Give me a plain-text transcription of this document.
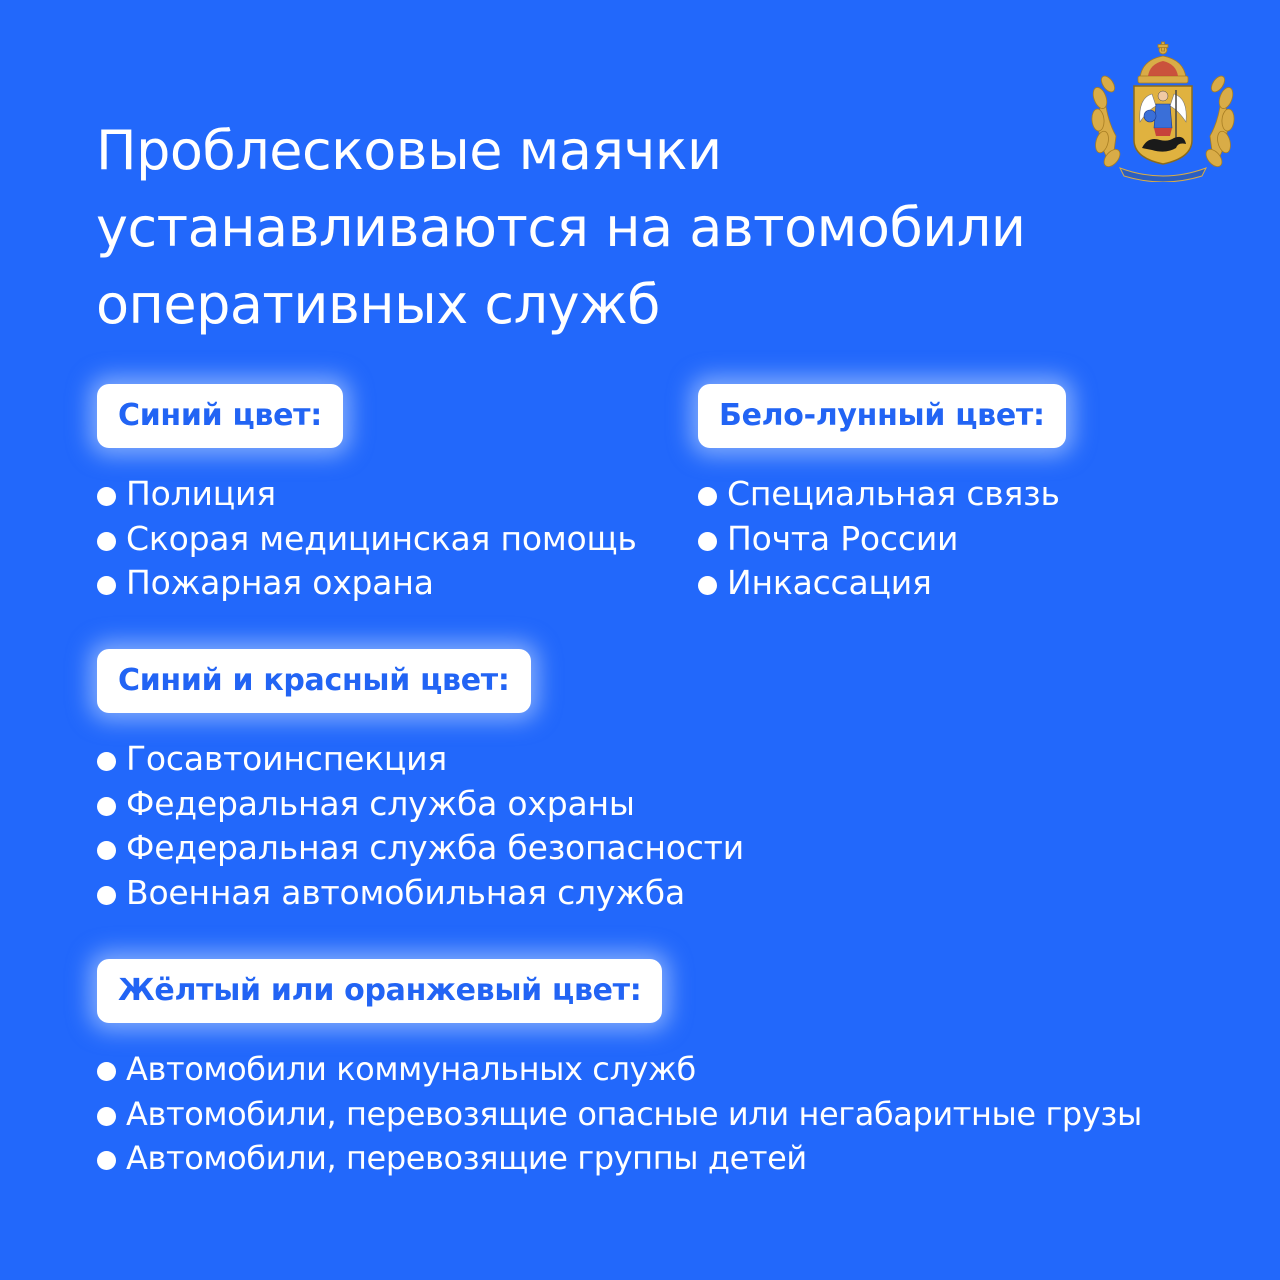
Проблесковые маячки
устанавливаются на автомобили
оперативных служб
Синий цвет:
Полиция
Скорая медицинская помощь
Пожарная охрана
Бело-лунный цвет:
Специальная связь
Почта России
Инкассация
Синий и красный цвет:
Госавтоинспекция
Федеральная служба охраны
Федеральная служба безопасности
Военная автомобильная служба
Жёлтый или оранжевый цвет:
Автомобили коммунальных служб
Автомобили, перевозящие опасные или негабаритные грузы
Автомобили, перевозящие группы детей
